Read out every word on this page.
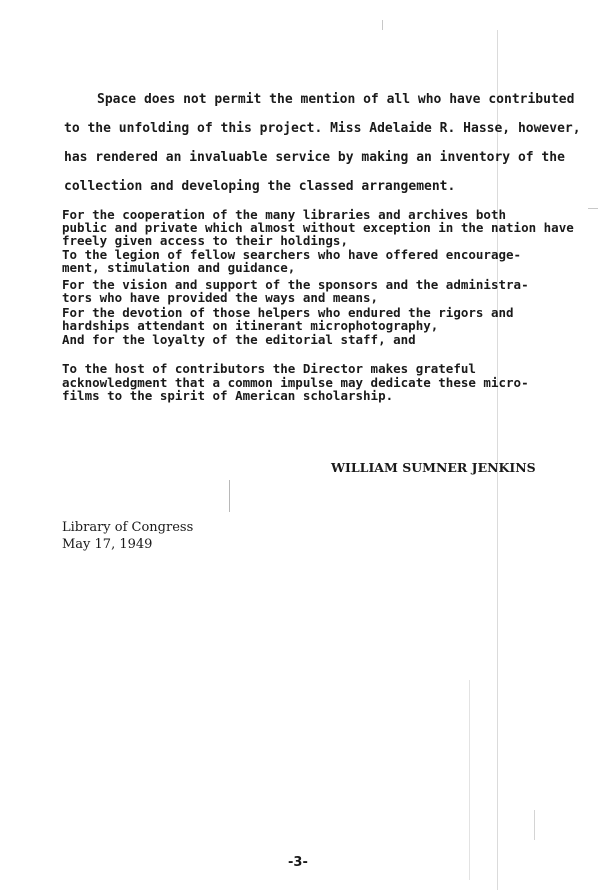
Space does not permit the mention of all who have contributed
to the unfolding of this project. Miss Adelaide R. Hasse, however,
has rendered an invaluable service by making an inventory of the
collection and developing the classed arrangement.
For the cooperation of the many libraries and archives both
public and private which almost without exception in the nation have
freely given access to their holdings,
To the legion of fellow searchers who have offered encourage-
ment, stimulation and guidance,
For the vision and support of the sponsors and the administra-
tors who have provided the ways and means,
For the devotion of those helpers who endured the rigors and
hardships attendant on itinerant microphotography,
And for the loyalty of the editorial staff, and
To the host of contributors the Director makes grateful
acknowledgment that a common impulse may dedicate these micro-
films to the spirit of American scholarship.
WILLIAM SUMNER JENKINS
Library of Congress
May 17, 1949
-3-
